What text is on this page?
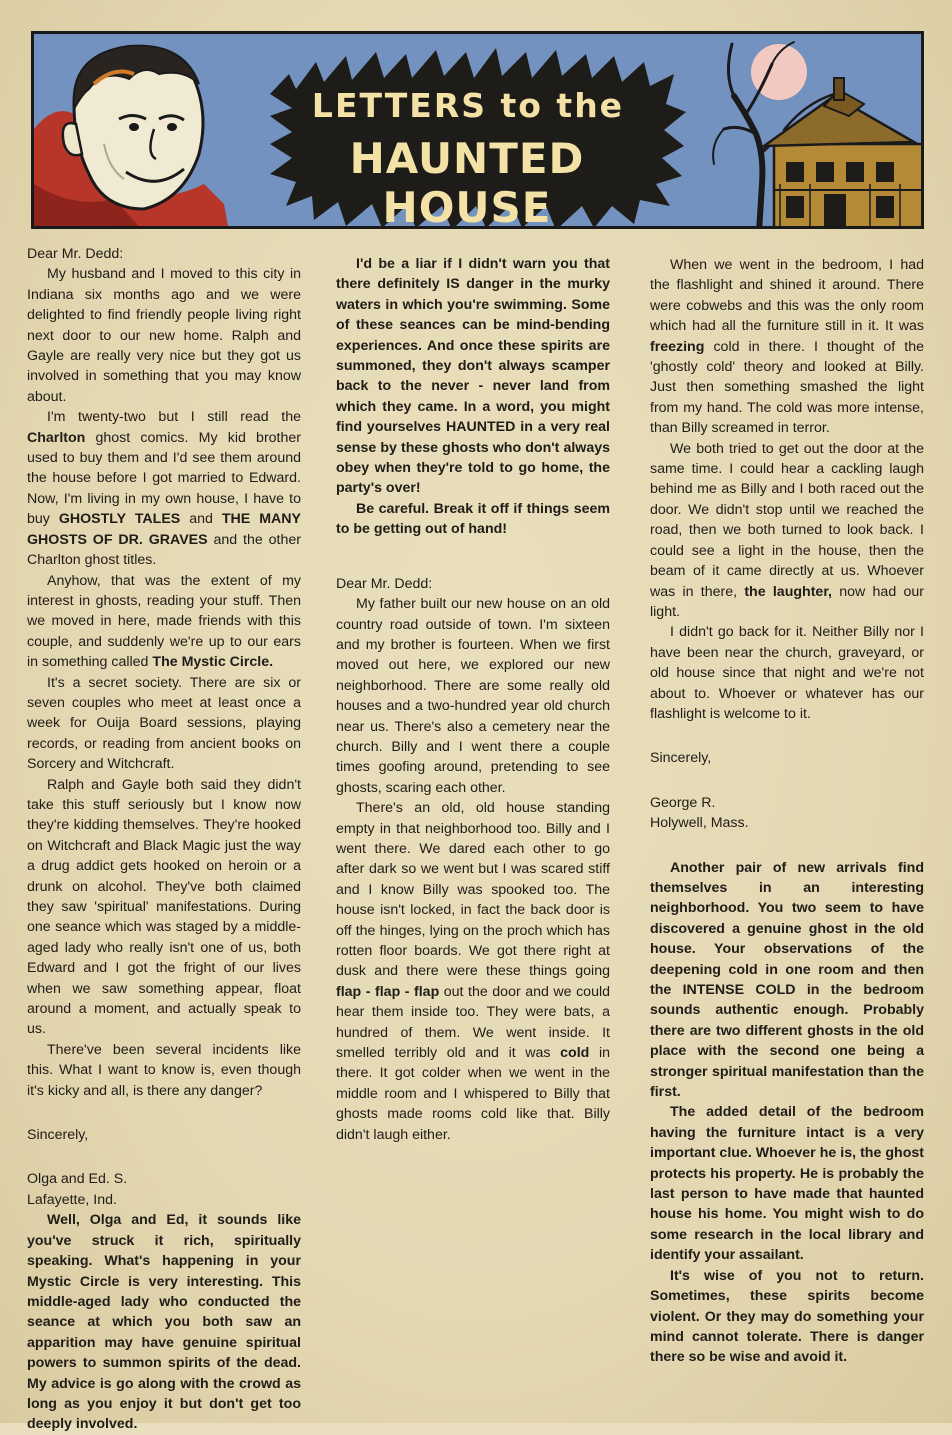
LETTERS to the
HAUNTED HOUSE

Dear Mr. Dedd:

My husband and I moved to this city in Indiana six months ago and we were delighted to find friendly people living right next door to our new home. Ralph and Gayle are really very nice but they got us involved in something that you may know about.

I'm twenty-two but I still read the Charlton ghost comics. My kid brother used to buy them and I'd see them around the house before I got married to Edward. Now, I'm living in my own house, I have to buy GHOSTLY TALES and THE MANY GHOSTS OF DR. GRAVES and the other Charlton ghost titles.

Anyhow, that was the extent of my interest in ghosts, reading your stuff. Then we moved in here, made friends with this couple, and suddenly we're up to our ears in something called The Mystic Circle.

It's a secret society. There are six or seven couples who meet at least once a week for Ouija Board sessions, playing records, or reading from ancient books on Sorcery and Witchcraft.

Ralph and Gayle both said they didn't take this stuff seriously but I know now they're kidding themselves. They're hooked on Witchcraft and Black Magic just the way a drug addict gets hooked on heroin or a drunk on alcohol. They've both claimed they saw 'spiritual' manifestations. During one seance which was staged by a middle-aged lady who really isn't one of us, both Edward and I got the fright of our lives when we saw something appear, float around a moment, and actually speak to us.

There've been several incidents like this. What I want to know is, even though it's kicky and all, is there any danger?

Sincerely,

Olga and Ed. S.

Lafayette, Ind.

Well, Olga and Ed, it sounds like you've struck it rich, spiritually speaking. What's happening in your Mystic Circle is very interesting. This middle-aged lady who conducted the seance at which you both saw an apparition may have genuine spiritual powers to summon spirits of the dead. My advice is go along with the crowd as long as you enjoy it but don't get too deeply involved.

I'd be a liar if I didn't warn you that there definitely IS danger in the murky waters in which you're swimming. Some of these seances can be mind-bending experiences. And once these spirits are summoned, they don't always scamper back to the never - never land from which they came. In a word, you might find yourselves HAUNTED in a very real sense by these ghosts who don't always obey when they're told to go home, the party's over!

Be careful. Break it off if things seem to be getting out of hand!

Dear Mr. Dedd:

My father built our new house on an old country road outside of town. I'm sixteen and my brother is fourteen. When we first moved out here, we explored our new neighborhood. There are some really old houses and a two-hundred year old church near us. There's also a cemetery near the church. Billy and I went there a couple times goofing around, pretending to see ghosts, scaring each other.

There's an old, old house standing empty in that neighborhood too. Billy and I went there. We dared each other to go after dark so we went but I was scared stiff and I know Billy was spooked too. The house isn't locked, in fact the back door is off the hinges, lying on the proch which has rotten floor boards. We got there right at dusk and there were these things going flap - flap - flap out the door and we could hear them inside too. They were bats, a hundred of them. We went inside. It smelled terribly old and it was cold in there. It got colder when we went in the middle room and I whispered to Billy that ghosts made rooms cold like that. Billy didn't laugh either.

When we went in the bedroom, I had the flashlight and shined it around. There were cobwebs and this was the only room which had all the furniture still in it. It was freezing cold in there. I thought of the 'ghostly cold' theory and looked at Billy. Just then something smashed the light from my hand. The cold was more intense, than Billy screamed in terror.

We both tried to get out the door at the same time. I could hear a cackling laugh behind me as Billy and I both raced out the door. We didn't stop until we reached the road, then we both turned to look back. I could see a light in the house, then the beam of it came directly at us. Whoever was in there, the laughter, now had our light.

I didn't go back for it. Neither Billy nor I have been near the church, graveyard, or old house since that night and we're not about to. Whoever or whatever has our flashlight is welcome to it.

Sincerely,

George R.

Holywell, Mass.

Another pair of new arrivals find themselves in an interesting neighborhood. You two seem to have discovered a genuine ghost in the old house. Your observations of the deepening cold in one room and then the INTENSE COLD in the bedroom sounds authentic enough. Probably there are two different ghosts in the old place with the second one being a stronger spiritual manifestation than the first.

The added detail of the bedroom having the furniture intact is a very important clue. Whoever he is, the ghost protects his property. He is probably the last person to have made that haunted house his home. You might wish to do some research in the local library and identify your assailant.

It's wise of you not to return. Sometimes, these spirits become violent. Or they may do something your mind cannot tolerate. There is danger there so be wise and avoid it.
